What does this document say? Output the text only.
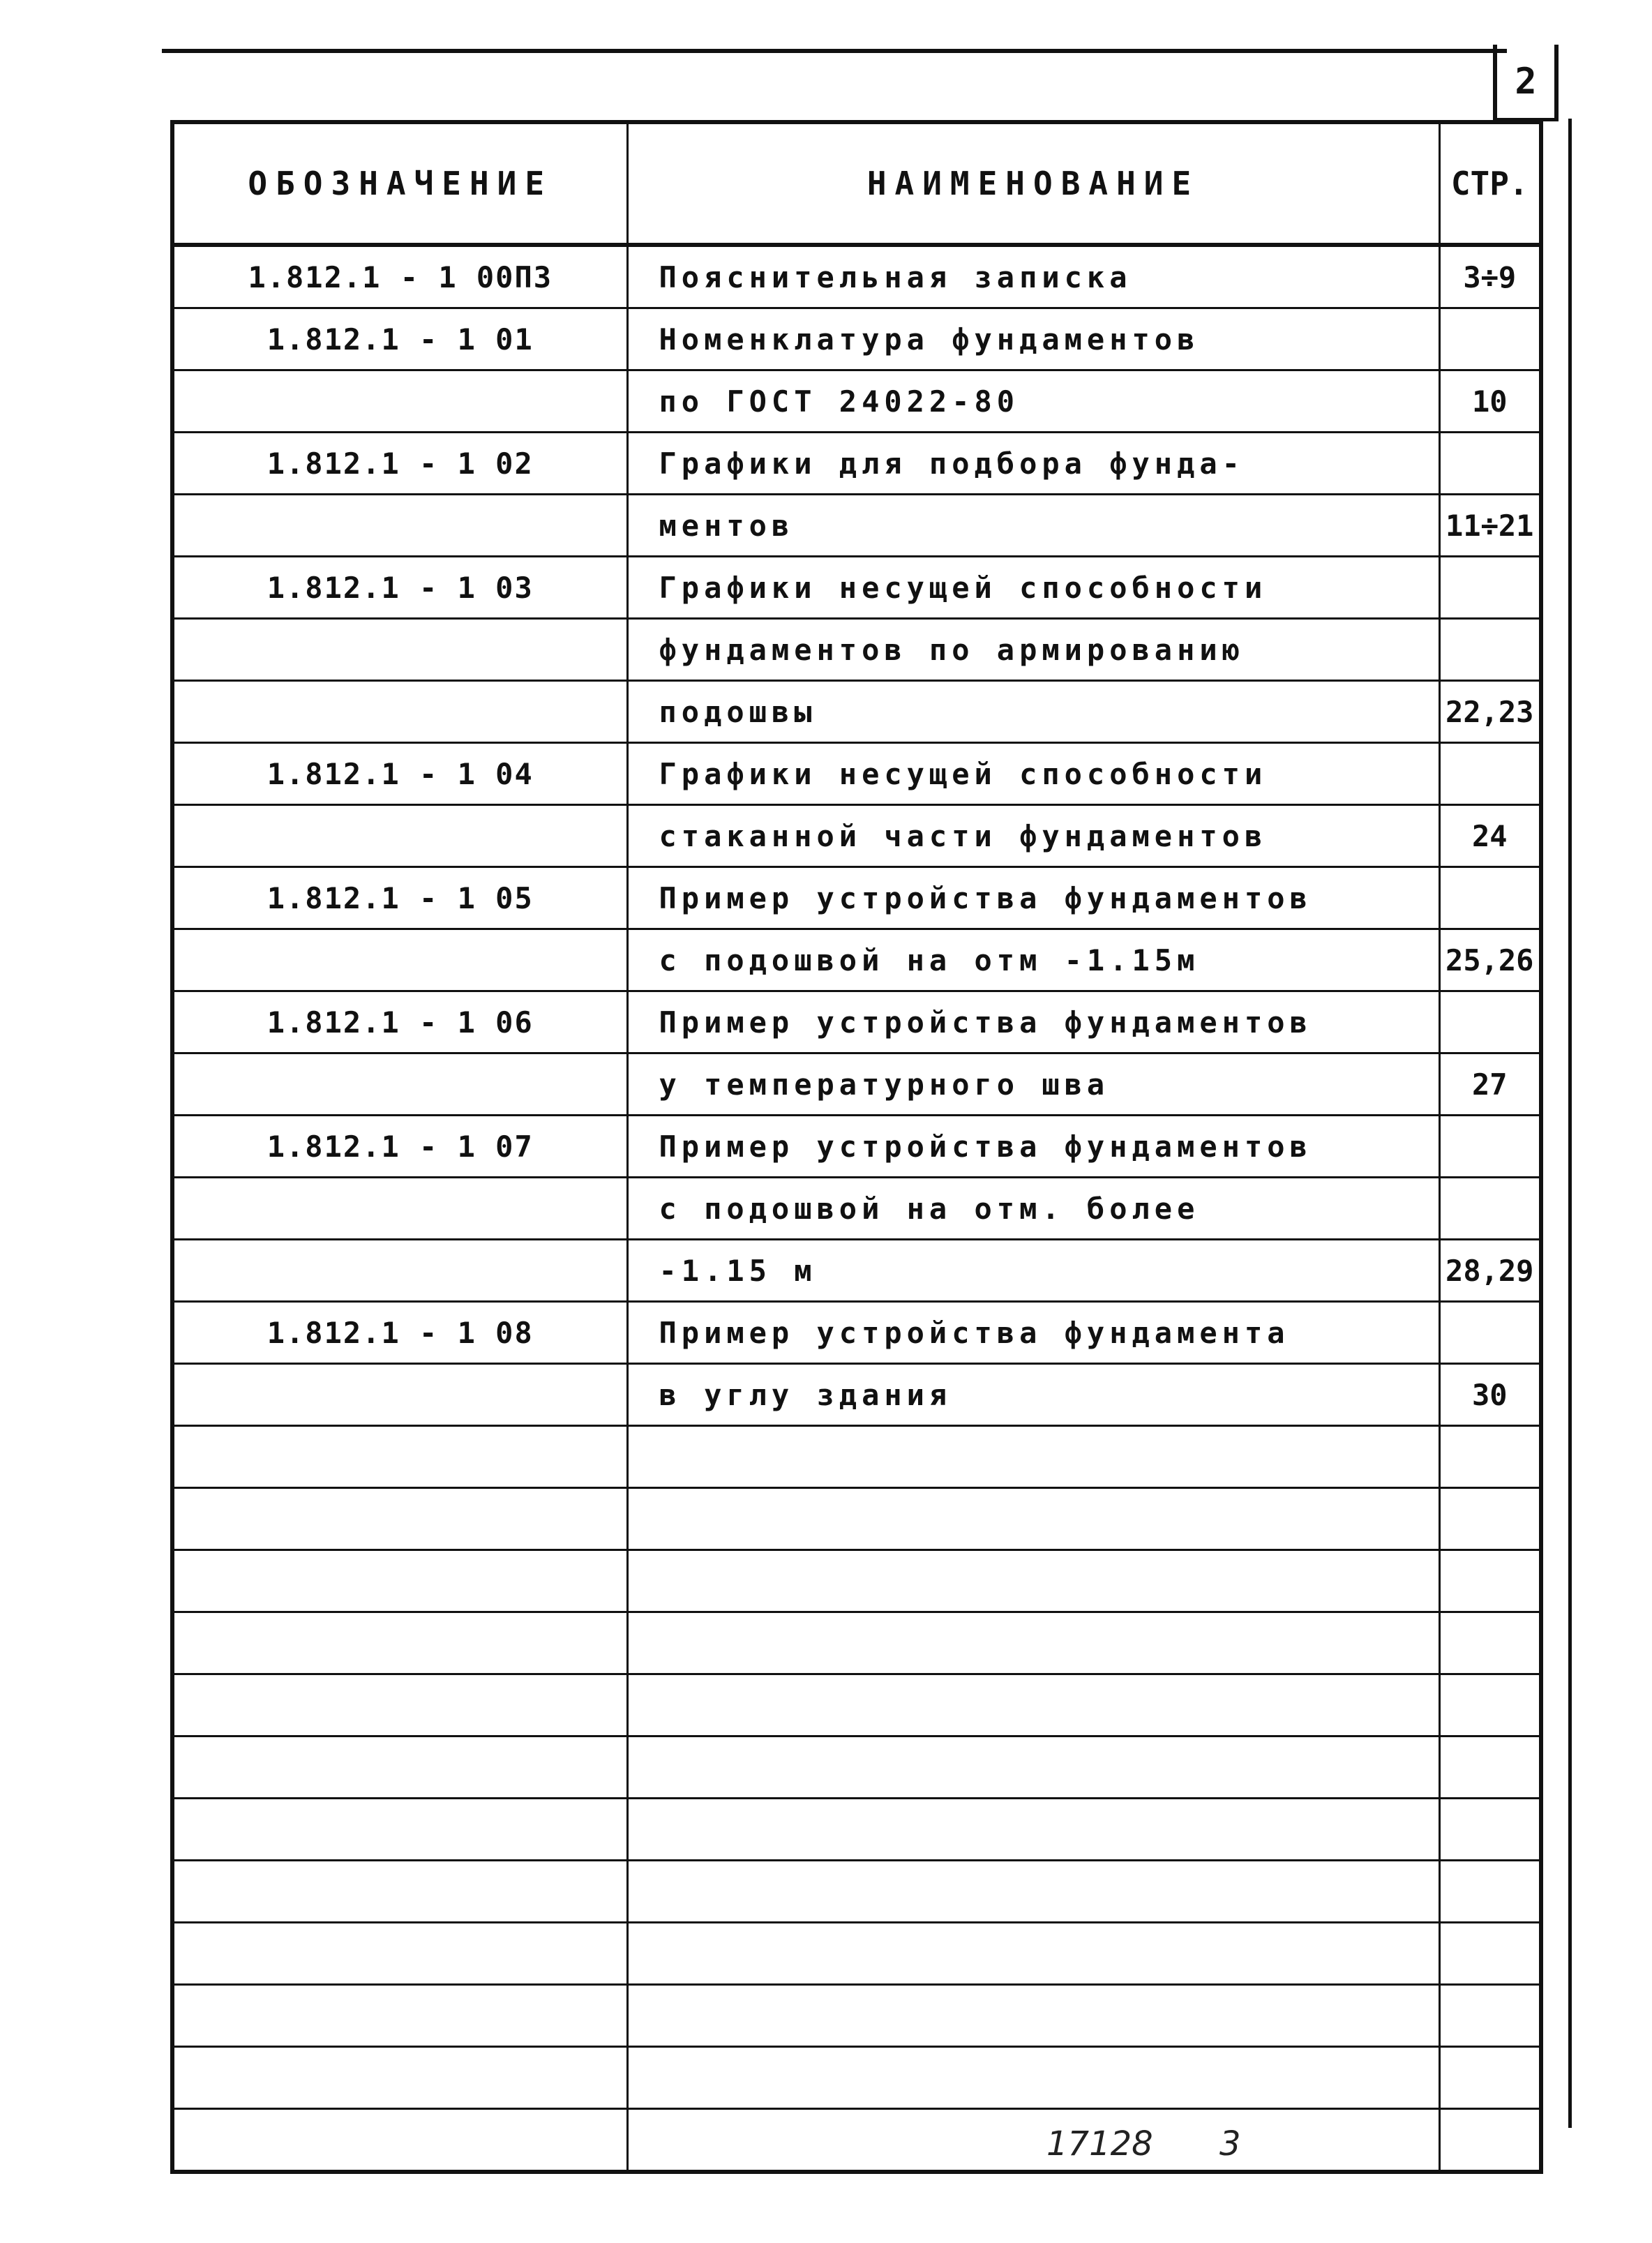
2
ОБОЗНАЧЕНИЕ	НАИМЕНОВАНИЕ	СТР.
1.812.1 - 1 00ПЗ	Пояснительная записка	3÷9
1.812.1 - 1 01	Номенклатура фундаментов	
	по ГОСТ 24022-80	10
1.812.1 - 1 02	Графики для подбора фунда-	
	ментов	11÷21
1.812.1 - 1 03	Графики несущей способности	
	фундаментов по армированию	
	подошвы	22,23
1.812.1 - 1 04	Графики несущей способности	
	стаканной части фундаментов	24
1.812.1 - 1 05	Пример устройства фундаментов	
	с подошвой на отм -1.15м	25,26
1.812.1 - 1 06	Пример устройства фундаментов	
	у температурного шва	27
1.812.1 - 1 07	Пример устройства фундаментов	
	с подошвой на отм. более	
	-1.15 м	28,29
1.812.1 - 1 08	Пример устройства фундамента	
	в углу здания	30

17128 3
